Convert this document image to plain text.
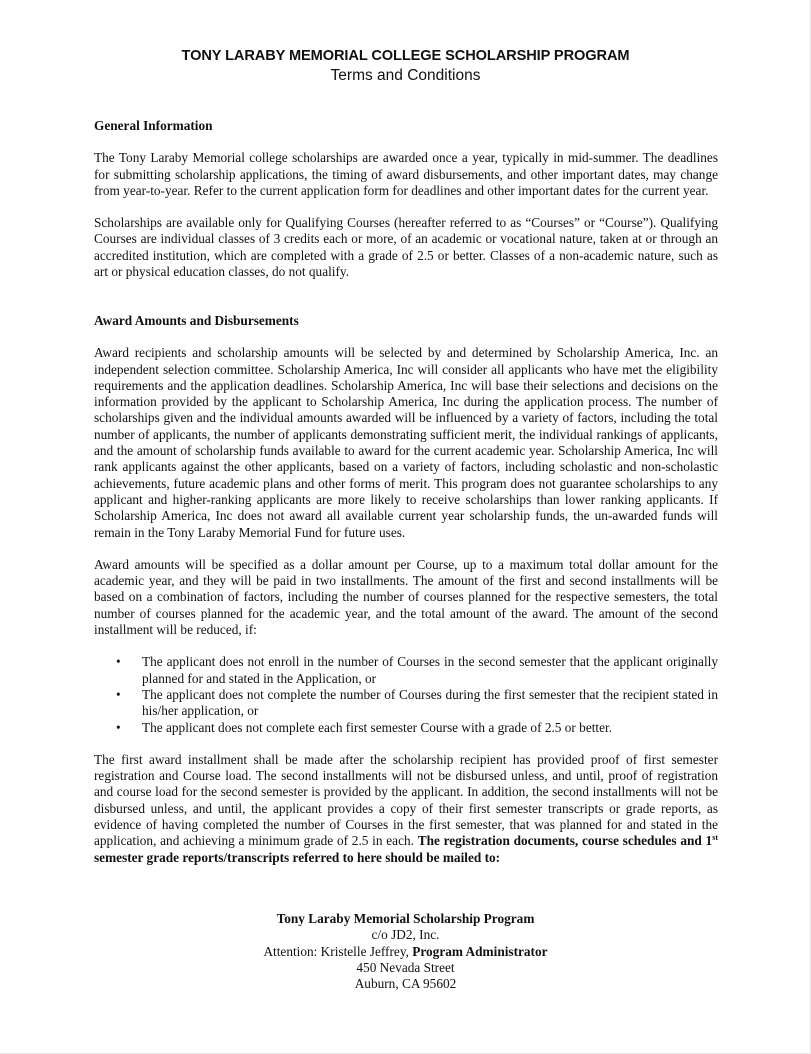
TONY LARABY MEMORIAL COLLEGE SCHOLARSHIP PROGRAM
Terms and Conditions

General Information

The Tony Laraby Memorial college scholarships are awarded once a year, typically in mid-summer. The deadlines for submitting scholarship applications, the timing of award disbursements, and other important dates, may change from year-to-year. Refer to the current application form for deadlines and other important dates for the current year.

Scholarships are available only for Qualifying Courses (hereafter referred to as “Courses” or “Course”). Qualifying Courses are individual classes of 3 credits each or more, of an academic or vocational nature, taken at or through an accredited institution, which are completed with a grade of 2.5 or better. Classes of a non-academic nature, such as art or physical education classes, do not qualify.

Award Amounts and Disbursements

Award recipients and scholarship amounts will be selected by and determined by Scholarship America, Inc. an independent selection committee. Scholarship America, Inc will consider all applicants who have met the eligibility requirements and the application deadlines. Scholarship America, Inc will base their selections and decisions on the information provided by the applicant to Scholarship America, Inc during the application process. The number of scholarships given and the individual amounts awarded will be influenced by a variety of factors, including the total number of applicants, the number of applicants demonstrating sufficient merit, the individual rankings of applicants, and the amount of scholarship funds available to award for the current academic year. Scholarship America, Inc will rank applicants against the other applicants, based on a variety of factors, including scholastic and non-scholastic achievements, future academic plans and other forms of merit. This program does not guarantee scholarships to any applicant and higher-ranking applicants are more likely to receive scholarships than lower ranking applicants. If Scholarship America, Inc does not award all available current year scholarship funds, the un-awarded funds will remain in the Tony Laraby Memorial Fund for future uses.

Award amounts will be specified as a dollar amount per Course, up to a maximum total dollar amount for the academic year, and they will be paid in two installments. The amount of the first and second installments will be based on a combination of factors, including the number of courses planned for the respective semesters, the total number of courses planned for the academic year, and the total amount of the award. The amount of the second installment will be reduced, if:

• The applicant does not enroll in the number of Courses in the second semester that the applicant originally planned for and stated in the Application, or
• The applicant does not complete the number of Courses during the first semester that the recipient stated in his/her application, or
• The applicant does not complete each first semester Course with a grade of 2.5 or better.

The first award installment shall be made after the scholarship recipient has provided proof of first semester registration and Course load. The second installments will not be disbursed unless, and until, proof of registration and course load for the second semester is provided by the applicant. In addition, the second installments will not be disbursed unless, and until, the applicant provides a copy of their first semester transcripts or grade reports, as evidence of having completed the number of Courses in the first semester, that was planned for and stated in the application, and achieving a minimum grade of 2.5 in each. The registration documents, course schedules and 1st semester grade reports/transcripts referred to here should be mailed to:

Tony Laraby Memorial Scholarship Program
c/o JD2, Inc.
Attention: Kristelle Jeffrey, Program Administrator
450 Nevada Street
Auburn, CA 95602
